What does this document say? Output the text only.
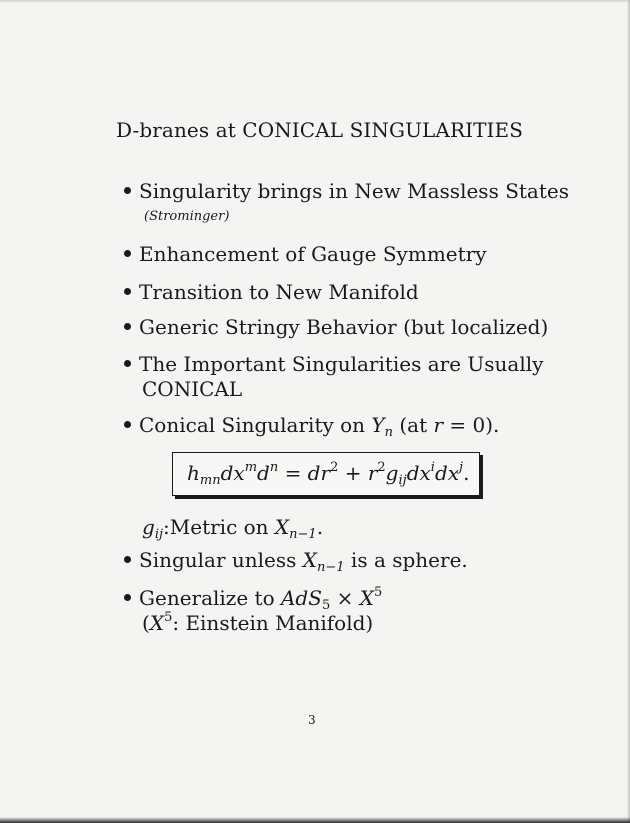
D-branes at CONICAL SINGULARITIES
Singularity brings in New Massless States
(Strominger)
Enhancement of Gauge Symmetry
Transition to New Manifold
Generic Stringy Behavior (but localized)
The Important Singularities are Usually
CONICAL
Conical Singularity on $Y_n$ (at r = 0).
$h_{mn}dx^md^n = dr^2 + r^2g_{ij}dx^idx^j$.
$g_{ij}:Metric$ on $X_{n-1}$.
Singular unless $X_{n-1}$ is a sphere.
Generalize to $AdS_5 \times X^5$
($X^5$: Einstein Manifold)
3
